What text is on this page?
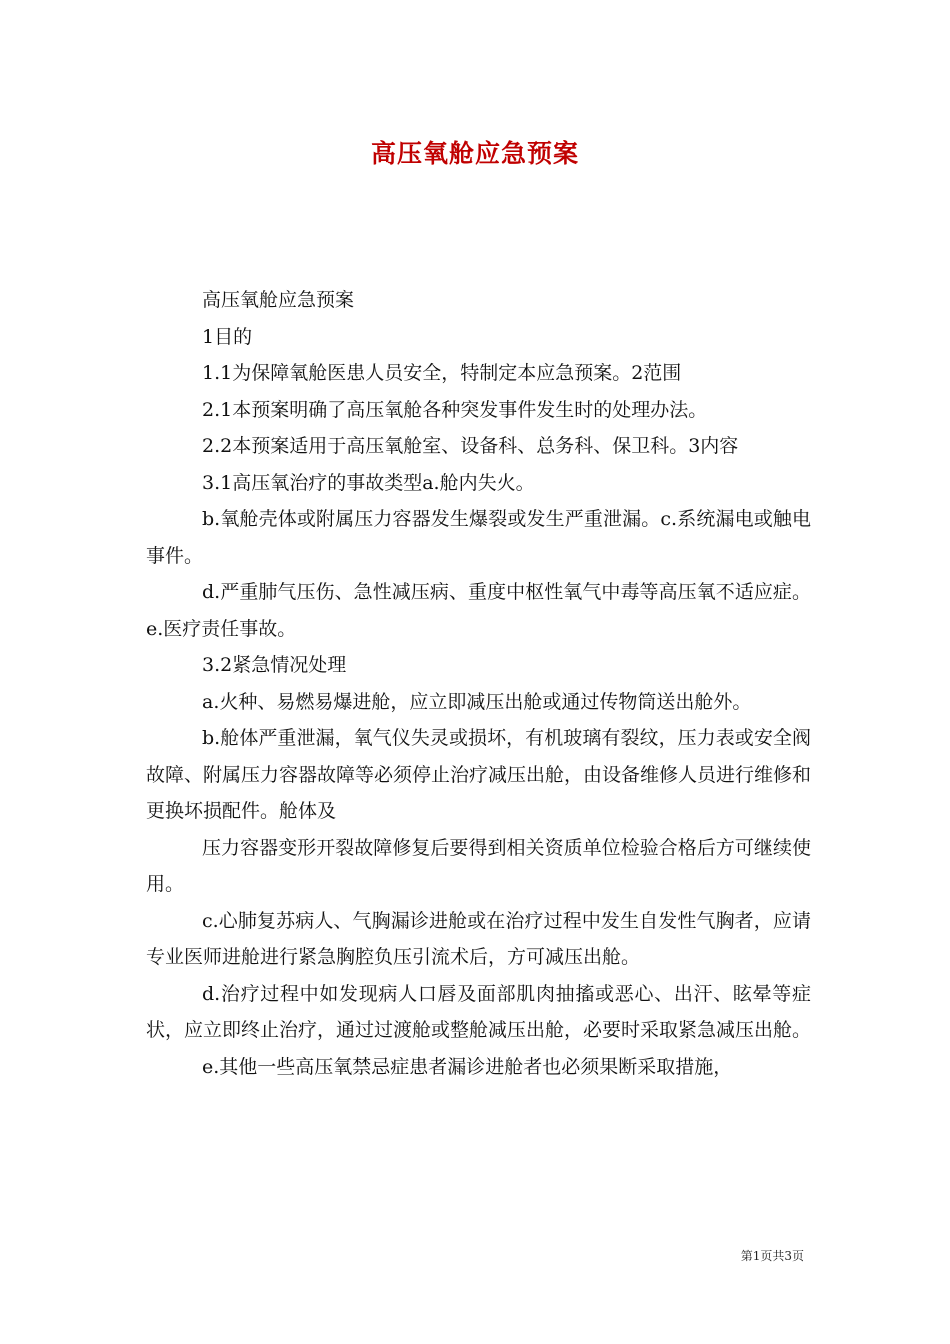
高压氧舱应急预案

高压氧舱应急预案

1目的

1.1为保障氧舱医患人员安全，特制定本应急预案。2范围

2.1本预案明确了高压氧舱各种突发事件发生时的处理办法。

2.2本预案适用于高压氧舱室、设备科、总务科、保卫科。3内容

3.1高压氧治疗的事故类型a.舱内失火。

b.氧舱壳体或附属压力容器发生爆裂或发生严重泄漏。c.系统漏电或触电事件。

d.严重肺气压伤、急性减压病、重度中枢性氧气中毒等高压氧不适应症。e.医疗责任事故。

3.2紧急情况处理

a.火种、易燃易爆进舱，应立即减压出舱或通过传物筒送出舱外。

b.舱体严重泄漏，氧气仪失灵或损坏，有机玻璃有裂纹，压力表或安全阀故障、附属压力容器故障等必须停止治疗减压出舱，由设备维修人员进行维修和更换坏损配件。舱体及

压力容器变形开裂故障修复后要得到相关资质单位检验合格后方可继续使用。

c.心肺复苏病人、气胸漏诊进舱或在治疗过程中发生自发性气胸者，应请专业医师进舱进行紧急胸腔负压引流术后，方可减压出舱。

d.治疗过程中如发现病人口唇及面部肌肉抽搐或恶心、出汗、眩晕等症状，应立即终止治疗，通过过渡舱或整舱减压出舱，必要时采取紧急减压出舱。

e.其他一些高压氧禁忌症患者漏诊进舱者也必须果断采取措施，

第1页共3页
